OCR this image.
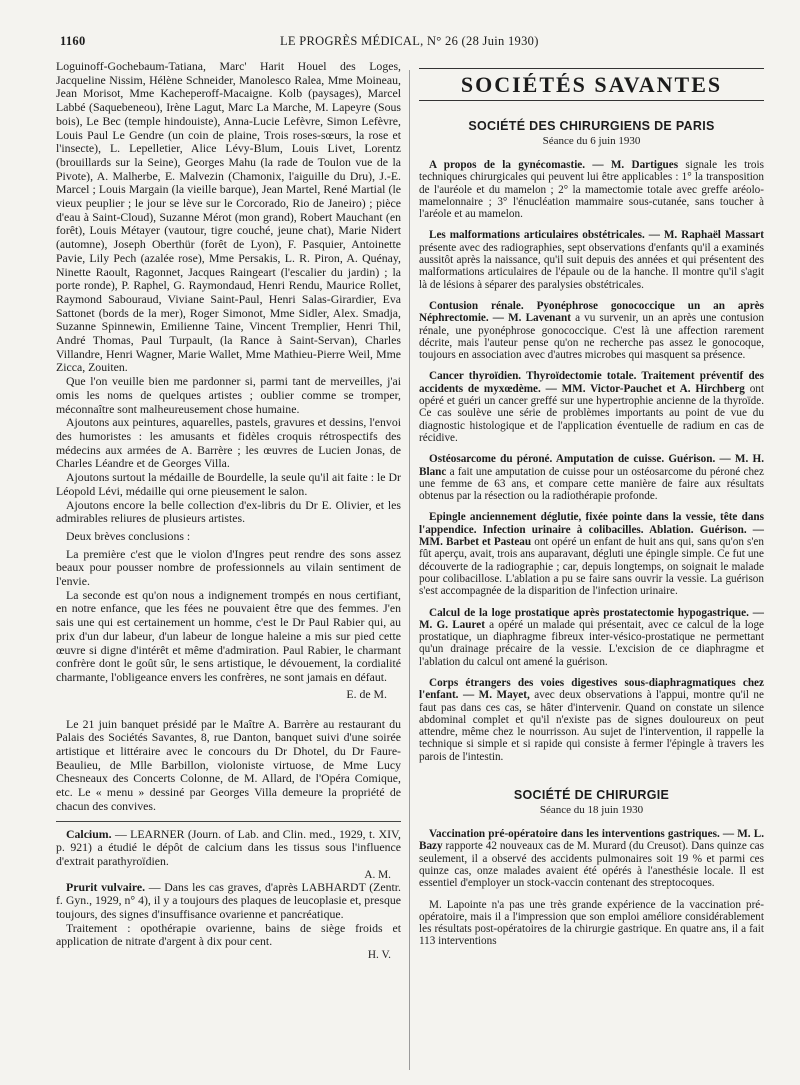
1160	LE PROGRÈS MÉDICAL, N° 26 (28 Juin 1930)

Loguinoff-Gochebaum-Tatiana, Marc' Harit Houel des Loges, Jacqueline Nissim, Hélène Schneider, Manolesco Ralea, Mme Moineau, Jean Morisot, Mme Kacheperoff-Macaigne. Kolb (paysages), Marcel Labbé (Saquebeneou), Irène Lagut, Marc La Marche, M. Lapeyre (Sous bois), Le Bec (temple hindouiste), Anna-Lucie Lefèvre, Simon Lefèvre, Louis Paul Le Gendre (un coin de plaine, Trois roses-sœurs, la rose et l'insecte), L. Lepelletier, Alice Lévy-Blum, Louis Livet, Lorentz (brouillards sur la Seine), Georges Mahu (la rade de Toulon vue de la Pivote), A. Malherbe, E. Malvezin (Chamonix, l'aiguille du Dru), J.-E. Marcel ; Louis Margain (la vieille barque), Jean Martel, René Martial (le vieux peuplier ; le jour se lève sur le Corcorado, Rio de Janeiro) ; pièce d'eau à Saint-Cloud), Suzanne Mérot (mon grand), Robert Mauchant (en forêt), Louis Métayer (vautour, tigre couché, jeune chat), Marie Nidert (automne), Joseph Oberthür (forêt de Lyon), F. Pasquier, Antoinette Pavie, Lily Pech (azalée rose), Mme Persakis, L. R. Piron, A. Quénay, Ninette Raoult, Ragonnet, Jacques Raingeart (l'escalier du jardin) ; la porte ronde), P. Raphel, G. Raymondaud, Henri Rendu, Maurice Rollet, Raymond Sabouraud, Viviane Saint-Paul, Henri Salas-Girardier, Eva Sattonet (bords de la mer), Roger Simonot, Mme Sidler, Alex. Smadja, Suzanne Spinnewin, Emilienne Taine, Vincent Tremplier, Henri Thil, André Thomas, Paul Turpault, (la Rance à Saint-Servan), Charles Villandre, Henri Wagner, Marie Wallet, Mme Mathieu-Pierre Weil, Mme Zicca, Zouiten.

Que l'on veuille bien me pardonner si, parmi tant de merveilles, j'ai omis les noms de quelques artistes ; oublier comme se tromper, méconnaître sont malheureusement chose humaine.

Ajoutons aux peintures, aquarelles, pastels, gravures et dessins, l'envoi des humoristes : les amusants et fidèles croquis rétrospectifs des médecins aux armées de A. Barrère ; les œuvres de Lucien Jonas, de Charles Léandre et de Georges Villa.

Ajoutons surtout la médaille de Bourdelle, la seule qu'il ait faite : le Dr Léopold Lévi, médaille qui orne pieusement le salon.

Ajoutons encore la belle collection d'ex-libris du Dr E. Olivier, et les admirables reliures de plusieurs artistes.

Deux brèves conclusions :

La première c'est que le violon d'Ingres peut rendre des sons assez beaux pour pousser nombre de professionnels au vilain sentiment de l'envie.

La seconde est qu'on nous a indignement trompés en nous certifiant, en notre enfance, que les fées ne pouvaient être que des femmes. J'en sais une qui est certainement un homme, c'est le Dr Paul Rabier qui, au prix d'un dur labeur, d'un labeur de longue haleine a mis sur pied cette œuvre si digne d'intérêt et même d'admiration. Paul Rabier, le charmant confrère dont le goût sûr, le sens artistique, le dévouement, la cordialité charmante, l'obligeance envers les confrères, ne sont jamais en défaut.

E. de M.

Le 21 juin banquet présidé par le Maître A. Barrère au restaurant du Palais des Sociétés Savantes, 8, rue Danton, banquet suivi d'une soirée artistique et littéraire avec le concours du Dr Dhotel, du Dr Faure-Beaulieu, de Mlle Barbillon, violoniste virtuose, de Mme Lucy Chesneaux des Concerts Colonne, de M. Allard, de l'Opéra Comique, etc. Le « menu » dessiné par Georges Villa demeure la propriété de chacun des convives.

Calcium. — LEARNER (Journ. of Lab. and Clin. med., 1929, t. XIV, p. 921) a étudié le dépôt de calcium dans les tissus sous l'influence d'extrait parathyroïdien.

A. M.

Prurit vulvaire. — Dans les cas graves, d'après LABHARDT (Zentr. f. Gyn., 1929, n° 4), il y a toujours des plaques de leucoplasie et, presque toujours, des signes d'insuffisance ovarienne et pancréatique.

Traitement : opothérapie ovarienne, bains de siège froids et application de nitrate d'argent à dix pour cent.

H. V.
SOCIÉTÉS SAVANTES
SOCIÉTÉ DES CHIRURGIENS DE PARIS
Séance du 6 juin 1930

A propos de la gynécomastie. — M. Dartigues signale les trois techniques chirurgicales qui peuvent lui être applicables : 1° la transposition de l'auréole et du mamelon ; 2° la mamectomie totale avec greffe aréolo-mamelonnaire ; 3° l'énucléation mammaire sous-cutanée, sans toucher à l'aréole et au mamelon.

Les malformations articulaires obstétricales. — M. Raphaël Massart présente avec des radiographies, sept observations d'enfants qu'il a examinés aussitôt après la naissance, qu'il suit depuis des années et qui présentent des malformations articulaires de l'épaule ou de la hanche. Il montre qu'il s'agit là de lésions à séparer des paralysies obstétricales.

Contusion rénale. Pyonéphrose gonococcique un an après Néphrectomie. — M. Lavenant a vu survenir, un an après une contusion rénale, une pyonéphrose gonococcique. C'est là une affection rarement décrite, mais l'auteur pense qu'on ne recherche pas assez le gonocoque, toujours en association avec d'autres microbes qui masquent sa présence.

Cancer thyroïdien. Thyroïdectomie totale. Traitement préventif des accidents de myxœdème. — MM. Victor-Pauchet et A. Hirchberg ont opéré et guéri un cancer greffé sur une hypertrophie ancienne de la thyroïde. Ce cas soulève une série de problèmes importants au point de vue du diagnostic histologique et de l'application éventuelle de radium en cas de récidive.

Ostéosarcome du péroné. Amputation de cuisse. Guérison. — M. H. Blanc a fait une amputation de cuisse pour un ostéosarcome du péroné chez une femme de 63 ans, et compare cette manière de faire aux résultats obtenus par la résection ou la radiothérapie profonde.

Epingle anciennement déglutie, fixée pointe dans la vessie, tête dans l'appendice. Infection urinaire à colibacilles. Ablation. Guérison. — MM. Barbet et Pasteau ont opéré un enfant de huit ans qui, sans qu'on s'en fût aperçu, avait, trois ans auparavant, dégluti une épingle simple. Ce fut une découverte de la radiographie ; car, depuis longtemps, on soignait le malade pour colibacillose. L'ablation a pu se faire sans ouvrir la vessie. La guérison s'est accompagnée de la disparition de l'infection urinaire.

Calcul de la loge prostatique après prostatectomie hypogastrique. — M. G. Lauret a opéré un malade qui présentait, avec ce calcul de la loge prostatique, un diaphragme fibreux inter-vésico-prostatique ne permettant qu'un drainage précaire de la vessie. L'excision de ce diaphragme et l'ablation du calcul ont amené la guérison.

Corps étrangers des voies digestives sous-diaphragmatiques chez l'enfant. — M. Mayet, avec deux observations à l'appui, montre qu'il ne faut pas dans ces cas, se hâter d'intervenir. Quand on constate un silence abdominal complet et qu'il n'existe pas de signes douloureux on peut attendre, même chez le nourrisson. Au sujet de l'intervention, il rappelle la technique si simple et si rapide qui consiste à fermer l'épingle à travers les parois de l'intestin.

SOCIÉTÉ DE CHIRURGIE
Séance du 18 juin 1930

Vaccination pré-opératoire dans les interventions gastriques. — M. L. Bazy rapporte 42 nouveaux cas de M. Murard (du Creusot). Dans quinze cas seulement, il a observé des accidents pulmonaires soit 19 % et parmi ces quinze cas, onze malades avaient été opérés à l'anesthésie locale. Il est essentiel d'employer un stock-vaccin contenant des streptocoques.

M. Lapointe n'a pas une très grande expérience de la vaccination pré-opératoire, mais il a l'impression que son emploi améliore considérablement les résultats post-opératoires de la chirurgie gastrique. En quatre ans, il a fait 113 interventions
